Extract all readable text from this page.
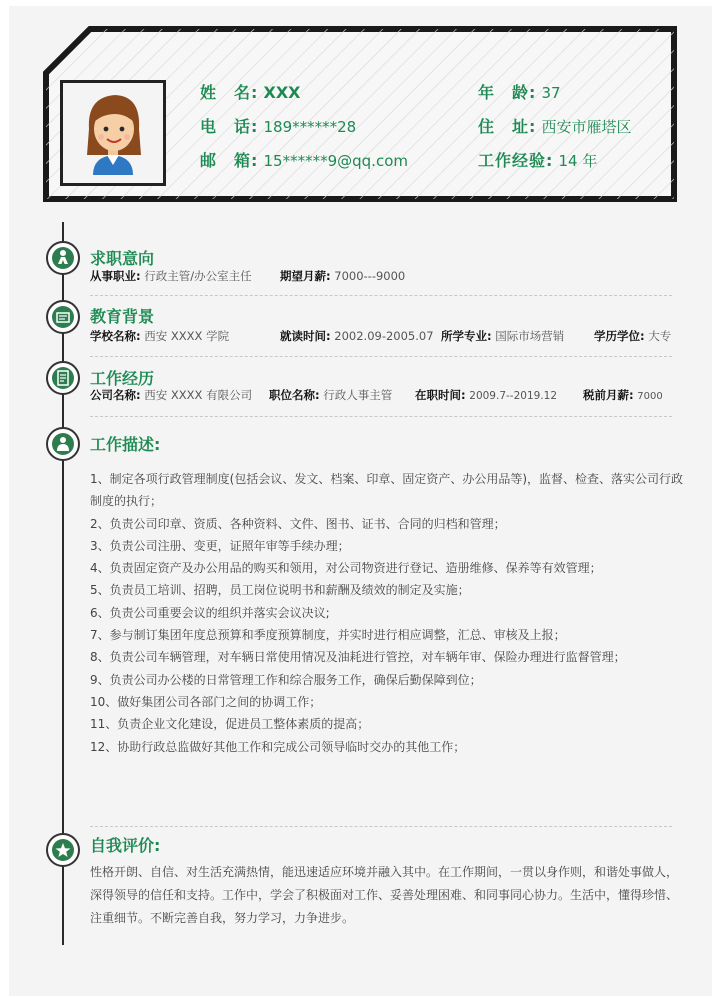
姓　名: XXX
电　话: 189******28
邮　箱: 15******9@qq.com
年　龄: 37
住　址: 西安市雁塔区
工作经验: 14 年
求职意向
从事职业: 行政主管/办公室主任 期望月薪: 7000---9000
教育背景
学校名称: 西安 XXXX 学院	就读时间: 2002.09-2005.07 所学专业: 国际市场营销	学历学位: 大专
工作经历
公司名称: 西安 XXXX 有限公司 职位名称: 行政人事主管 在职时间: 2009.7--2019.12 税前月薪: 7000
工作描述:
1、制定各项行政管理制度(包括会议、发文、档案、印章、固定资产、办公用品等)，监督、检查、落实公司行政制度的执行；
2、负责公司印章、资质、各种资料、文件、图书、证书、合同的归档和管理；
3、负责公司注册、变更，证照年审等手续办理；
4、负责固定资产及办公用品的购买和领用，对公司物资进行登记、造册维修、保养等有效管理；
5、负责员工培训、招聘，员工岗位说明书和薪酬及绩效的制定及实施；
6、负责公司重要会议的组织并落实会议决议;
7、参与制订集团年度总预算和季度预算制度，并实时进行相应调整，汇总、审核及上报；
8、负责公司车辆管理，对车辆日常使用情况及油耗进行管控，对车辆年审、保险办理进行监督管理；
9、负责公司办公楼的日常管理工作和综合服务工作，确保后勤保障到位；
10、做好集团公司各部门之间的协调工作；
11、负责企业文化建设，促进员工整体素质的提高；
12、协助行政总监做好其他工作和完成公司领导临时交办的其他工作；
自我评价:
性格开朗、自信、对生活充满热情，能迅速适应环境并融入其中。在工作期间，一贯以身作则，和谐处事做人，深得领导的信任和支持。工作中，学会了积极面对工作、妥善处理困难、和同事同心协力。生活中，懂得珍惜、注重细节。不断完善自我，努力学习，力争进步。
